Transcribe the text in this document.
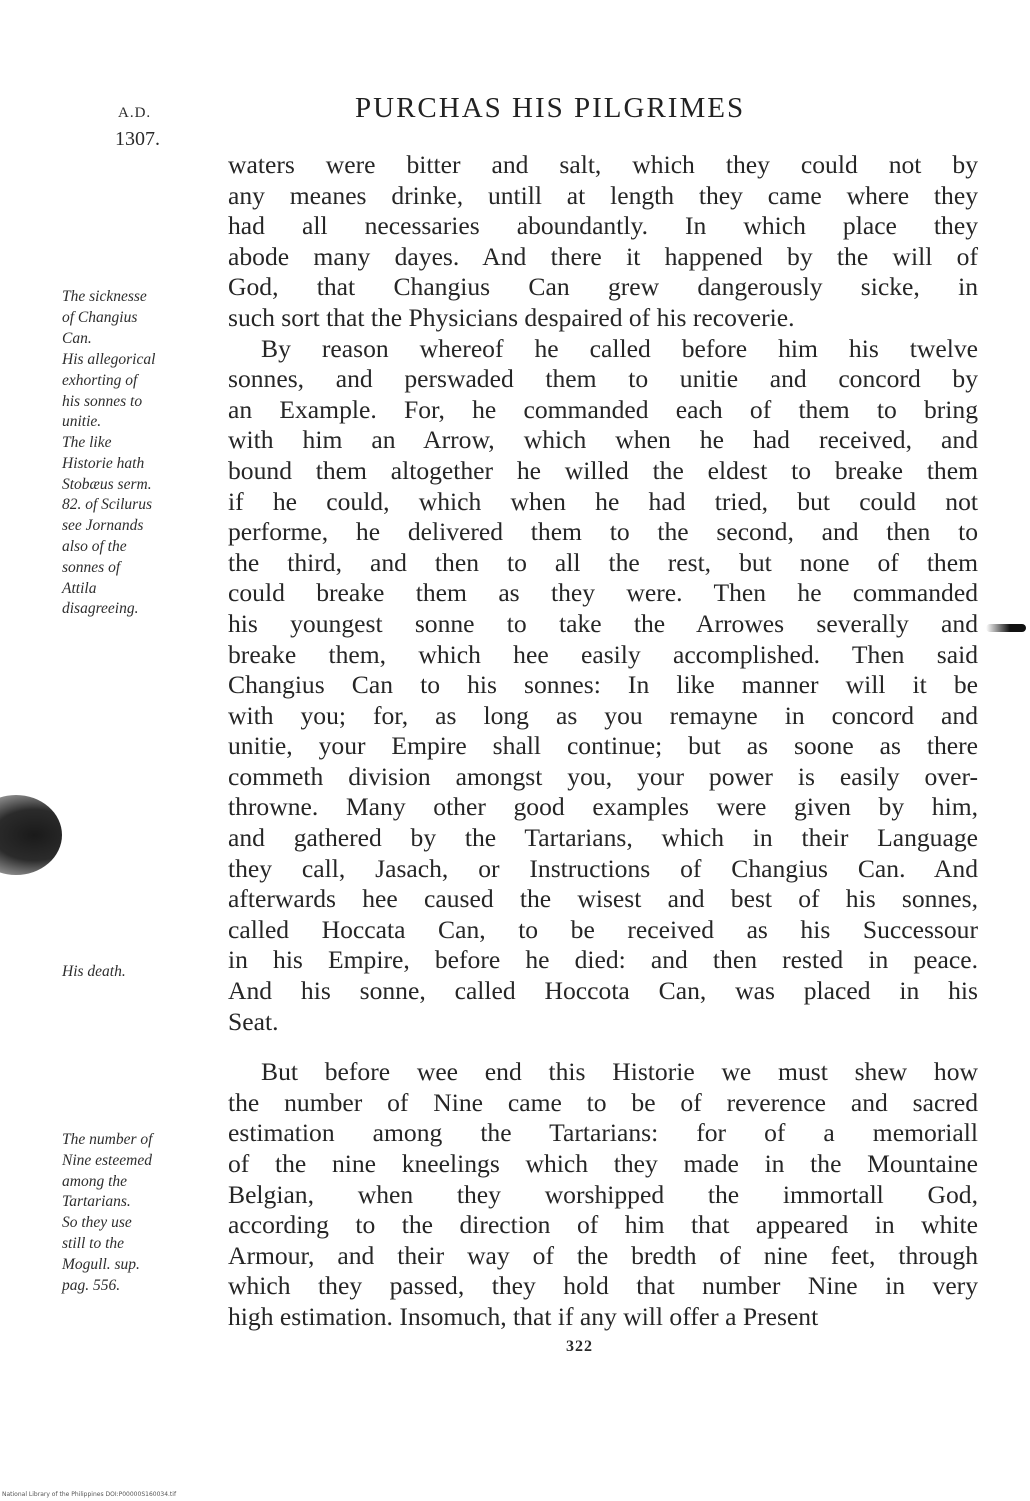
A.D.
1307.
PURCHAS HIS PILGRIMES
waters were bitter and salt, which they could not by
any meanes drinke, untill at length they came where they
had all necessaries aboundantly. In which place they
abode many dayes. And there it happened by the will of
God, that Changius Can grew dangerously sicke, in
such sort that the Physicians despaired of his recoverie.
By reason whereof he called before him his twelve
sonnes, and perswaded them to unitie and concord by
an Example. For, he commanded each of them to bring
with him an Arrow, which when he had received, and
bound them altogether he willed the eldest to breake them
if he could, which when he had tried, but could not
performe, he delivered them to the second, and then to
the third, and then to all the rest, but none of them
could breake them as they were. Then he commanded
his youngest sonne to take the Arrowes severally and
breake them, which hee easily accomplished. Then said
Changius Can to his sonnes: In like manner will it be
with you; for, as long as you remayne in concord and
unitie, your Empire shall continue; but as soone as there
commeth division amongst you, your power is easily over-
throwne. Many other good examples were given by him,
and gathered by the Tartarians, which in their Language
they call, Jasach, or Instructions of Changius Can. And
afterwards hee caused the wisest and best of his sonnes,
called Hoccata Can, to be received as his Successour
in his Empire, before he died: and then rested in peace.
And his sonne, called Hoccota Can, was placed in his
Seat.
But before wee end this Historie we must shew how
the number of Nine came to be of reverence and sacred
estimation among the Tartarians: for of a memoriall
of the nine kneelings which they made in the Mountaine
Belgian, when they worshipped the immortall God,
according to the direction of him that appeared in white
Armour, and their way of the bredth of nine feet, through
which they passed, they hold that number Nine in very
high estimation. Insomuch, that if any will offer a Present
The sicknesse
of Changius
Can.
His allegorical
exhorting of
his sonnes to
unitie.
The like
Historie hath
Stobæus serm.
82. of Scilurus
see Jornands
also of the
sonnes of
Attila
disagreeing.
His death.
The number of
Nine esteemed
among the
Tartarians.
So they use
still to the
Mogull. sup.
pag. 556.
322
National Library of the Philippines DOI:P00000S160034.tif
